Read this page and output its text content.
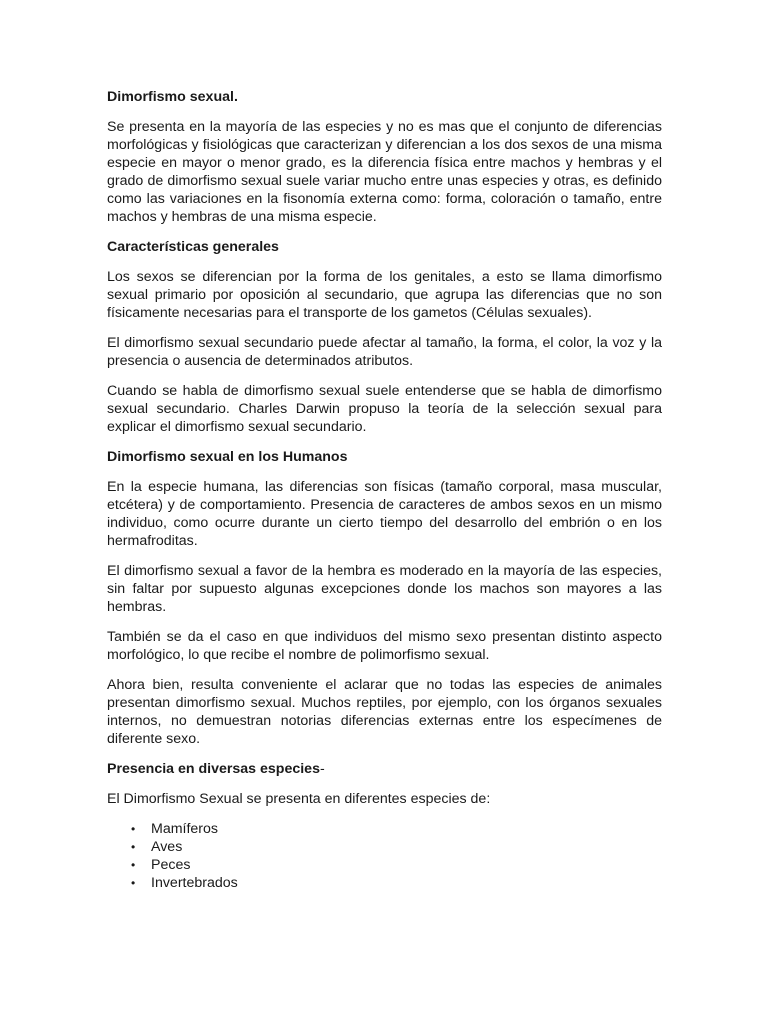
Dimorfismo sexual.

Se presenta en la mayoría de las especies y no es mas que el conjunto de diferencias morfológicas y fisiológicas que caracterizan y diferencian a los dos sexos de una misma especie en mayor o menor grado, es la diferencia física entre machos y hembras y el grado de dimorfismo sexual suele variar mucho entre unas especies y otras, es definido como las variaciones en la fisonomía externa como: forma, coloración o tamaño, entre machos y hembras de una misma especie.

Características generales

Los sexos se diferencian por la forma de los genitales, a esto se llama dimorfismo sexual primario por oposición al secundario, que agrupa las diferencias que no son físicamente necesarias para el transporte de los gametos (Células sexuales).

El dimorfismo sexual secundario puede afectar al tamaño, la forma, el color, la voz y la presencia o ausencia de determinados atributos.

Cuando se habla de dimorfismo sexual suele entenderse que se habla de dimorfismo sexual secundario. Charles Darwin propuso la teoría de la selección sexual para explicar el dimorfismo sexual secundario.

Dimorfismo sexual en los Humanos

En la especie humana, las diferencias son físicas (tamaño corporal, masa muscular, etcétera) y de comportamiento. Presencia de caracteres de ambos sexos en un mismo individuo, como ocurre durante un cierto tiempo del desarrollo del embrión o en los hermafroditas.

El dimorfismo sexual a favor de la hembra es moderado en la mayoría de las especies, sin faltar por supuesto algunas excepciones donde los machos son mayores a las hembras.

También se da el caso en que individuos del mismo sexo presentan distinto aspecto morfológico, lo que recibe el nombre de polimorfismo sexual.

Ahora bien, resulta conveniente el aclarar que no todas las especies de animales presentan dimorfismo sexual. Muchos reptiles, por ejemplo, con los órganos sexuales internos, no demuestran notorias diferencias externas entre los especímenes de diferente sexo.

Presencia en diversas especies-

El Dimorfismo Sexual se presenta en diferentes especies de:

• Mamíferos
• Aves
• Peces
• Invertebrados
